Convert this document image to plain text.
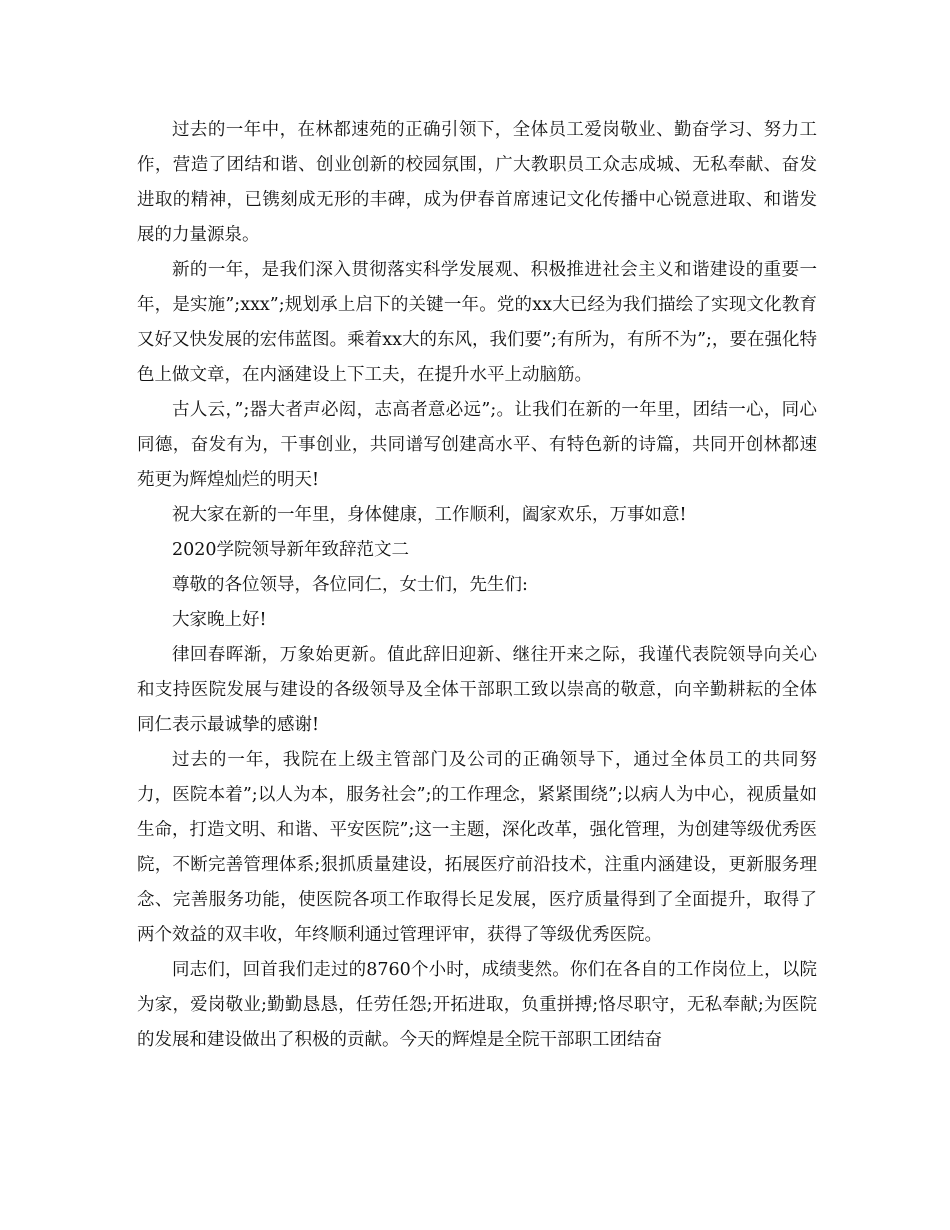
过去的一年中，在林都速苑的正确引领下，全体员工爱岗敬业、勤奋学习、努力工作，营造了团结和谐、创业创新的校园氛围，广大教职员工众志成城、无私奉献、奋发进取的精神，已镌刻成无形的丰碑，成为伊春首席速记文化传播中心锐意进取、和谐发展的力量源泉。

新的一年，是我们深入贯彻落实科学发展观、积极推进社会主义和谐建设的重要一年，是实施”;xxx”;规划承上启下的关键一年。党的xx大已经为我们描绘了实现文化教育又好又快发展的宏伟蓝图。乘着xx大的东风，我们要”;有所为，有所不为”;，要在强化特色上做文章，在内涵建设上下工夫，在提升水平上动脑筋。

古人云，”;器大者声必闳，志高者意必远”;。让我们在新的一年里，团结一心，同心同德，奋发有为，干事创业，共同谱写创建高水平、有特色新的诗篇，共同开创林都速苑更为辉煌灿烂的明天!

祝大家在新的一年里，身体健康，工作顺利，阖家欢乐，万事如意!

2020学院领导新年致辞范文二

尊敬的各位领导，各位同仁，女士们，先生们:

大家晚上好!

律回春晖渐，万象始更新。值此辞旧迎新、继往开来之际，我谨代表院领导向关心和支持医院发展与建设的各级领导及全体干部职工致以崇高的敬意，向辛勤耕耘的全体同仁表示最诚挚的感谢!

过去的一年，我院在上级主管部门及公司的正确领导下，通过全体员工的共同努力，医院本着”;以人为本，服务社会”;的工作理念，紧紧围绕”;以病人为中心，视质量如生命，打造文明、和谐、平安医院”;这一主题，深化改革，强化管理，为创建等级优秀医院，不断完善管理体系;狠抓质量建设，拓展医疗前沿技术，注重内涵建设，更新服务理念、完善服务功能，使医院各项工作取得长足发展，医疗质量得到了全面提升，取得了两个效益的双丰收，年终顺利通过管理评审，获得了等级优秀医院。

同志们，回首我们走过的8760个小时，成绩斐然。你们在各自的工作岗位上，以院为家，爱岗敬业;勤勤恳恳，任劳任怨;开拓进取，负重拼搏;恪尽职守，无私奉献;为医院的发展和建设做出了积极的贡献。今天的辉煌是全院干部职工团结奋
